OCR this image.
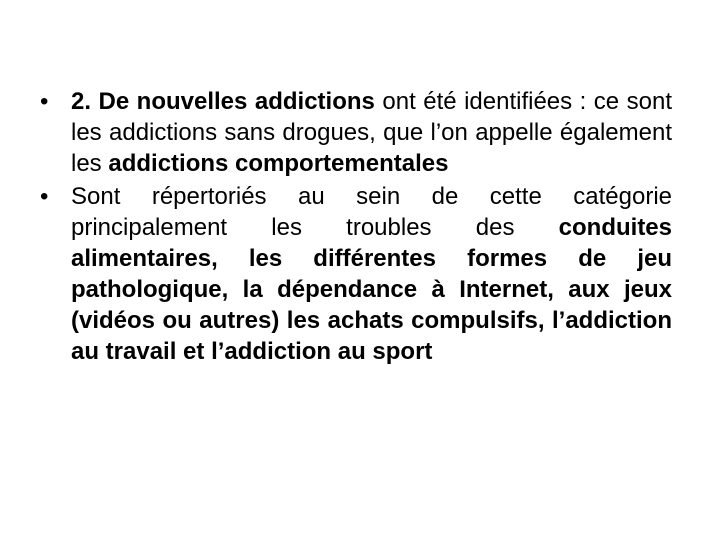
• 2. De nouvelles addictions ont été identifiées : ce sont les addictions sans drogues, que l’on appelle également les addictions comportementales
• Sont répertoriés au sein de cette catégorie principalement les troubles des conduites alimentaires, les différentes formes de jeu pathologique, la dépendance à Internet, aux jeux (vidéos ou autres) les achats compulsifs, l’addiction au travail et l’addiction au sport
